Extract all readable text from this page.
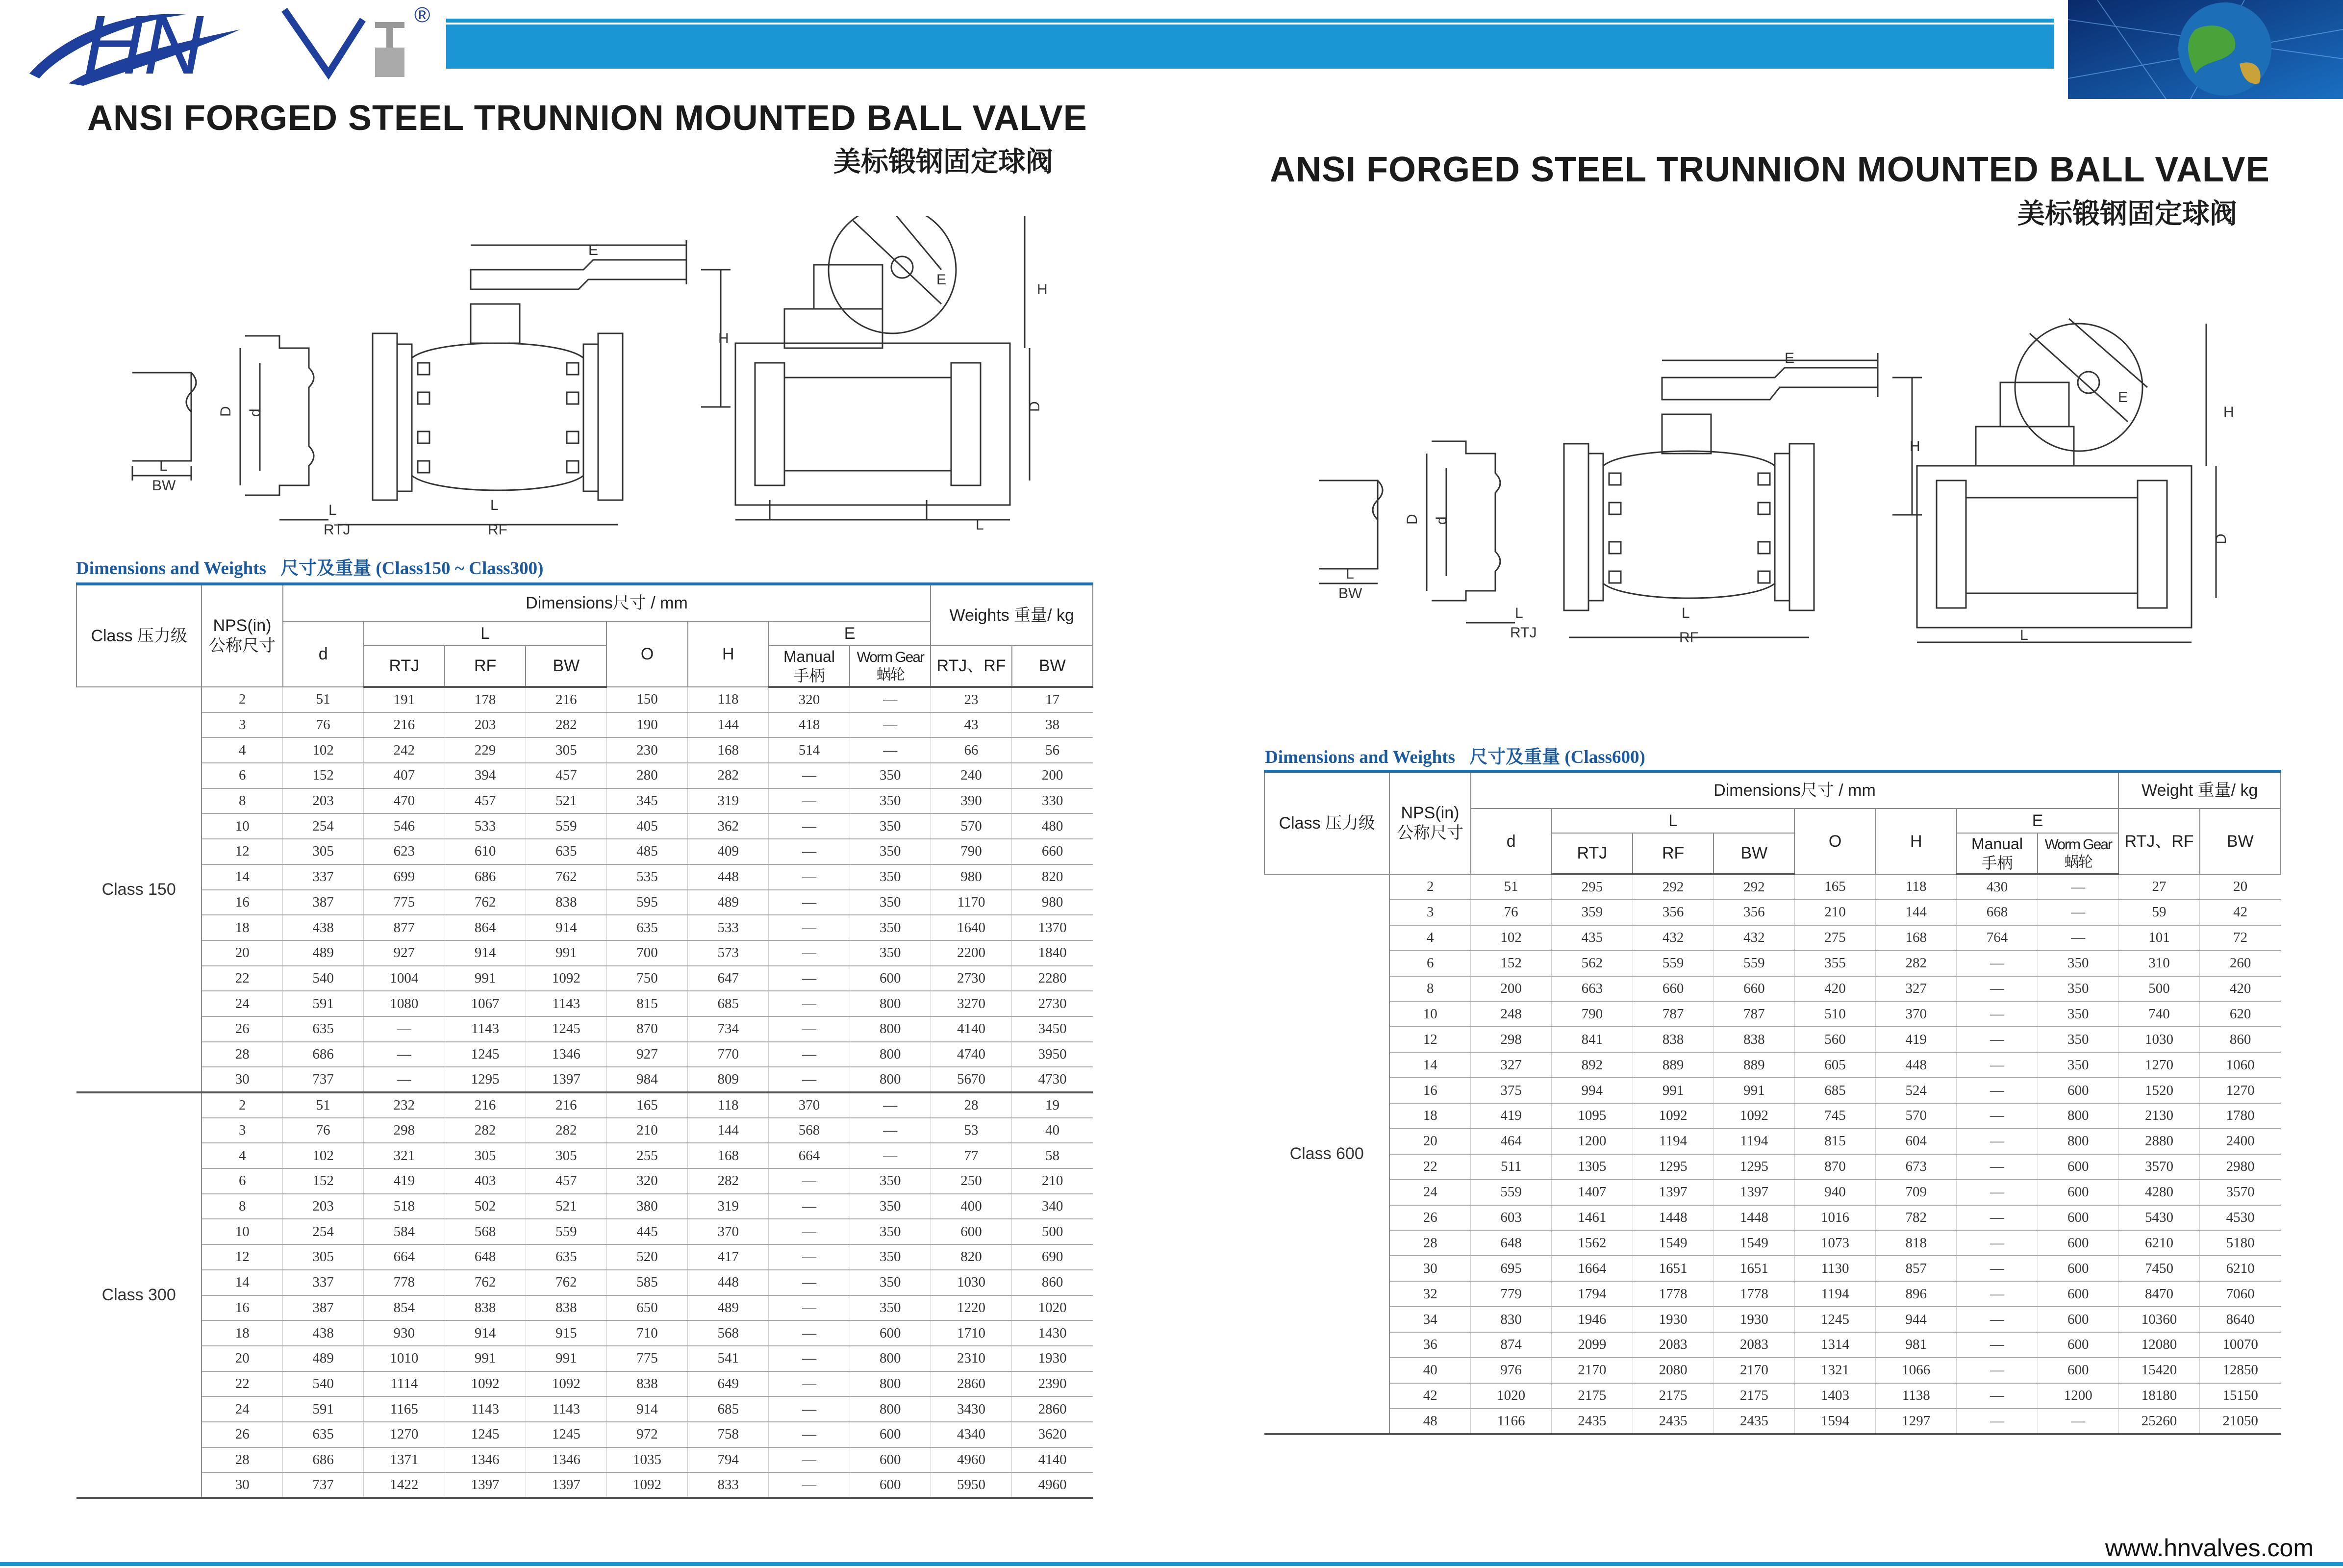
HN	®
ANSI FORGED STEEL TRUNNION MOUNTED BALL VALVE
美标锻钢固定球阀	ANSI FORGED STEEL TRUNNION MOUNTED BALL VALVE
美标锻钢固定球阀
E
H
D d
L
BW
L
RTJ
L
RF
E
H
D
L
E
H
D d
L
BW
L
RTJ
L
RF
E
H
D
L
Dimensions and Weights 尺寸及重量 (Class150 ~ Class300)
Dimensions and Weights 尺寸及重量 (Class600)
Class 压力级	NPS(in)
公称尺寸	Dimensions尺寸 / mm								Weights 重量/ kg	
		d	L			O	H	E			
			RTJ	RF	BW			Manual
手柄	Worm Gear
蜗轮	RTJ、RF	BW
Class 150	2	51	191	178	216	150	118	320	—	23	17
	3	76	216	203	282	190	144	418	—	43	38
	4	102	242	229	305	230	168	514	—	66	56
	6	152	407	394	457	280	282	—	350	240	200
	8	203	470	457	521	345	319	—	350	390	330
	10	254	546	533	559	405	362	—	350	570	480
	12	305	623	610	635	485	409	—	350	790	660
	14	337	699	686	762	535	448	—	350	980	820
	16	387	775	762	838	595	489	—	350	1170	980
	18	438	877	864	914	635	533	—	350	1640	1370
	20	489	927	914	991	700	573	—	350	2200	1840
	22	540	1004	991	1092	750	647	—	600	2730	2280
	24	591	1080	1067	1143	815	685	—	800	3270	2730
	26	635	—	1143	1245	870	734	—	800	4140	3450
	28	686	—	1245	1346	927	770	—	800	4740	3950
	30	737	—	1295	1397	984	809	—	800	5670	4730
Class 300	2	51	232	216	216	165	118	370	—	28	19
	3	76	298	282	282	210	144	568	—	53	40
	4	102	321	305	305	255	168	664	—	77	58
	6	152	419	403	457	320	282	—	350	250	210
	8	203	518	502	521	380	319	—	350	400	340
	10	254	584	568	559	445	370	—	350	600	500
	12	305	664	648	635	520	417	—	350	820	690
	14	337	778	762	762	585	448	—	350	1030	860
	16	387	854	838	838	650	489	—	350	1220	1020
	18	438	930	914	915	710	568	—	600	1710	1430
	20	489	1010	991	991	775	541	—	800	2310	1930
	22	540	1114	1092	1092	838	649	—	800	2860	2390
	24	591	1165	1143	1143	914	685	—	800	3430	2860
	26	635	1270	1245	1245	972	758	—	600	4340	3620
	28	686	1371	1346	1346	1035	794	—	600	4960	4140
	30	737	1422	1397	1397	1092	833	—	600	5950	4960
Class 压力级	NPS(in)
公称尺寸	Dimensions尺寸 / mm								Weight 重量/ kg	
		d	L			O	H	E		RTJ、RF	BW
			RTJ	RF	BW			Manual
手柄	Worm Gear
蜗轮		
Class 600	2	51	295	292	292	165	118	430	—	27	20
	3	76	359	356	356	210	144	668	—	59	42
	4	102	435	432	432	275	168	764	—	101	72
	6	152	562	559	559	355	282	—	350	310	260
	8	200	663	660	660	420	327	—	350	500	420
	10	248	790	787	787	510	370	—	350	740	620
	12	298	841	838	838	560	419	—	350	1030	860
	14	327	892	889	889	605	448	—	350	1270	1060
	16	375	994	991	991	685	524	—	600	1520	1270
	18	419	1095	1092	1092	745	570	—	800	2130	1780
	20	464	1200	1194	1194	815	604	—	800	2880	2400
	22	511	1305	1295	1295	870	673	—	600	3570	2980
	24	559	1407	1397	1397	940	709	—	600	4280	3570
	26	603	1461	1448	1448	1016	782	—	600	5430	4530
	28	648	1562	1549	1549	1073	818	—	600	6210	5180
	30	695	1664	1651	1651	1130	857	—	600	7450	6210
	32	779	1794	1778	1778	1194	896	—	600	8470	7060
	34	830	1946	1930	1930	1245	944	—	600	10360	8640
	36	874	2099	2083	2083	1314	981	—	600	12080	10070
	40	976	2170	2080	2170	1321	1066	—	600	15420	12850
	42	1020	2175	2175	2175	1403	1138	—	1200	18180	15150
	48	1166	2435	2435	2435	1594	1297	—	—	25260	21050
www.hnvalves.com
